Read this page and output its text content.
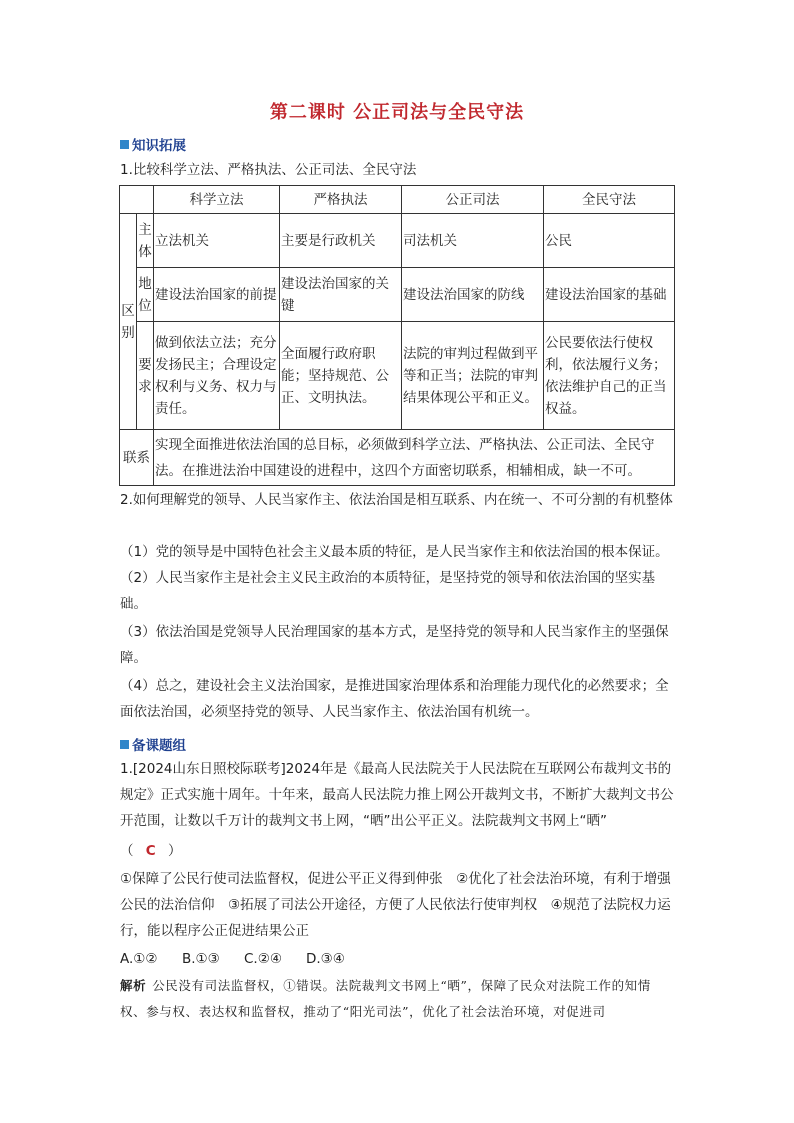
第二课时 公正司法与全民守法
知识拓展
1.比较科学立法、严格执法、公正司法、全民守法
		科学立法	严格执法	公正司法	全民守法
区别	主体	立法机关	主要是行政机关	司法机关	公民
	地位	建设法治国家的前提	建设法治国家的关键	建设法治国家的防线	建设法治国家的基础
	要求	做到依法立法；充分发扬民主；合理设定权利与义务、权力与责任。	全面履行政府职能；坚持规范、公正、文明执法。	法院的审判过程做到平等和正当；法院的审判结果体现公平和正义。	公民要依法行使权利，依法履行义务；依法维护自己的正当权益。
联系		实现全面推进依法治国的总目标，必须做到科学立法、严格执法、公正司法、全民守法。在推进法治中国建设的进程中，这四个方面密切联系，相辅相成，缺一不可。			
2.如何理解党的领导、人民当家作主、依法治国是相互联系、内在统一、不可分割的有机整体
（1）党的领导是中国特色社会主义最本质的特征，是人民当家作主和依法治国的根本保证。
（2）人民当家作主是社会主义民主政治的本质特征，是坚持党的领导和依法治国的坚实基础。
（3）依法治国是党领导人民治理国家的基本方式，是坚持党的领导和人民当家作主的坚强保障。
（4）总之，建设社会主义法治国家，是推进国家治理体系和治理能力现代化的必然要求；全面依法治国，必须坚持党的领导、人民当家作主、依法治国有机统一。
备课题组
1.[2024山东日照校际联考]2024年是《最高人民法院关于人民法院在互联网公布裁判文书的规定》正式实施十周年。十年来，最高人民法院力推上网公开裁判文书，不断扩大裁判文书公开范围，让数以千万计的裁判文书上网，“晒”出公平正义。法院裁判文书网上“晒”
（ C ）
①保障了公民行使司法监督权，促进公平正义得到伸张　②优化了社会法治环境，有利于增强公民的法治信仰　③拓展了司法公开途径，方便了人民依法行使审判权　④规范了法院权力运行，能以程序公正促进结果公正
A.①②	B.①③	C.②④	D.③④
解析 公民没有司法监督权，①错误。法院裁判文书网上“晒”，保障了民众对法院工作的知情权、参与权、表达权和监督权，推动了“阳光司法”，优化了社会法治环境，对促进司
